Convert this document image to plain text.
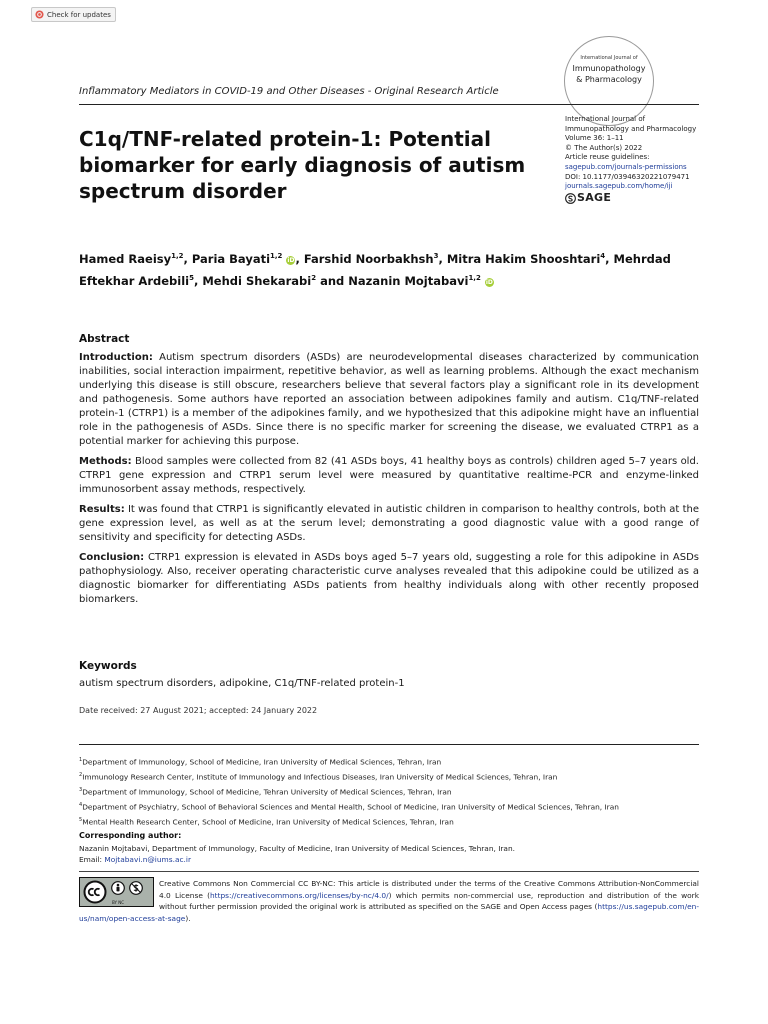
Check for updates
International Journal of
Immunopathology
& Pharmacology
Inflammatory Mediators in COVID-19 and Other Diseases - Original Research Article
C1q/TNF-related protein-1: Potential biomarker for early diagnosis of autism spectrum disorder
International Journal of
Immunopathology and Pharmacology
Volume 36: 1–11
© The Author(s) 2022
Article reuse guidelines:
sagepub.com/journals-permissions
DOI: 10.1177/03946320221079471
journals.sagepub.com/home/iji
SAGE
Hamed Raeisy$^{1,2}$, Paria Bayati$^{1,2}$ iD, Farshid Noorbakhsh$^3$, Mitra Hakim Shooshtari$^4$, Mehrdad Eftekhar Ardebili$^5$, Mehdi Shekarabi$^2$ and Nazanin Mojtabavi$^{1,2}$ iD
Abstract

Introduction: Autism spectrum disorders (ASDs) are neurodevelopmental diseases characterized by communication inabilities, social interaction impairment, repetitive behavior, as well as learning problems. Although the exact mechanism underlying this disease is still obscure, researchers believe that several factors play a significant role in its development and pathogenesis. Some authors have reported an association between adipokines family and autism. C1q/TNF-related protein-1 (CTRP1) is a member of the adipokines family, and we hypothesized that this adipokine might have an influential role in the pathogenesis of ASDs. Since there is no specific marker for screening the disease, we evaluated CTRP1 as a potential marker for achieving this purpose.

Methods: Blood samples were collected from 82 (41 ASDs boys, 41 healthy boys as controls) children aged 5–7 years old. CTRP1 gene expression and CTRP1 serum level were measured by quantitative realtime-PCR and enzyme-linked immunosorbent assay methods, respectively.

Results: It was found that CTRP1 is significantly elevated in autistic children in comparison to healthy controls, both at the gene expression level, as well as at the serum level; demonstrating a good diagnostic value with a good range of sensitivity and specificity for detecting ASDs.

Conclusion: CTRP1 expression is elevated in ASDs boys aged 5–7 years old, suggesting a role for this adipokine in ASDs pathophysiology. Also, receiver operating characteristic curve analyses revealed that this adipokine could be utilized as a diagnostic biomarker for differentiating ASDs patients from healthy individuals along with other recently proposed biomarkers.

Keywords
autism spectrum disorders, adipokine, C1q/TNF-related protein-1
Date received: 27 August 2021; accepted: 24 January 2022
$^1$Department of Immunology, School of Medicine, Iran University of Medical Sciences, Tehran, Iran
$^2$Immunology Research Center, Institute of Immunology and Infectious Diseases, Iran University of Medical Sciences, Tehran, Iran
$^3$Department of Immunology, School of Medicine, Tehran University of Medical Sciences, Tehran, Iran
$^4$Department of Psychiatry, School of Behavioral Sciences and Mental Health, School of Medicine, Iran University of Medical Sciences, Tehran, Iran
$^5$Mental Health Research Center, School of Medicine, Iran University of Medical Sciences, Tehran, Iran
Corresponding author:
Nazanin Mojtabavi, Department of Immunology, Faculty of Medicine, Iran University of Medical Sciences, Tehran, Iran.
Email: Mojtabavi.n@iums.ac.ir
BY NC
Creative Commons Non Commercial CC BY-NC: This article is distributed under the terms of the Creative Commons Attribution-NonCommercial 4.0 License (https://creativecommons.org/licenses/by-nc/4.0/) which permits non-commercial use, reproduction and distribution of the work without further permission provided the original work is attributed as specified on the SAGE and Open Access pages (https://us.sagepub.com/en-us/nam/open-access-at-sage).
